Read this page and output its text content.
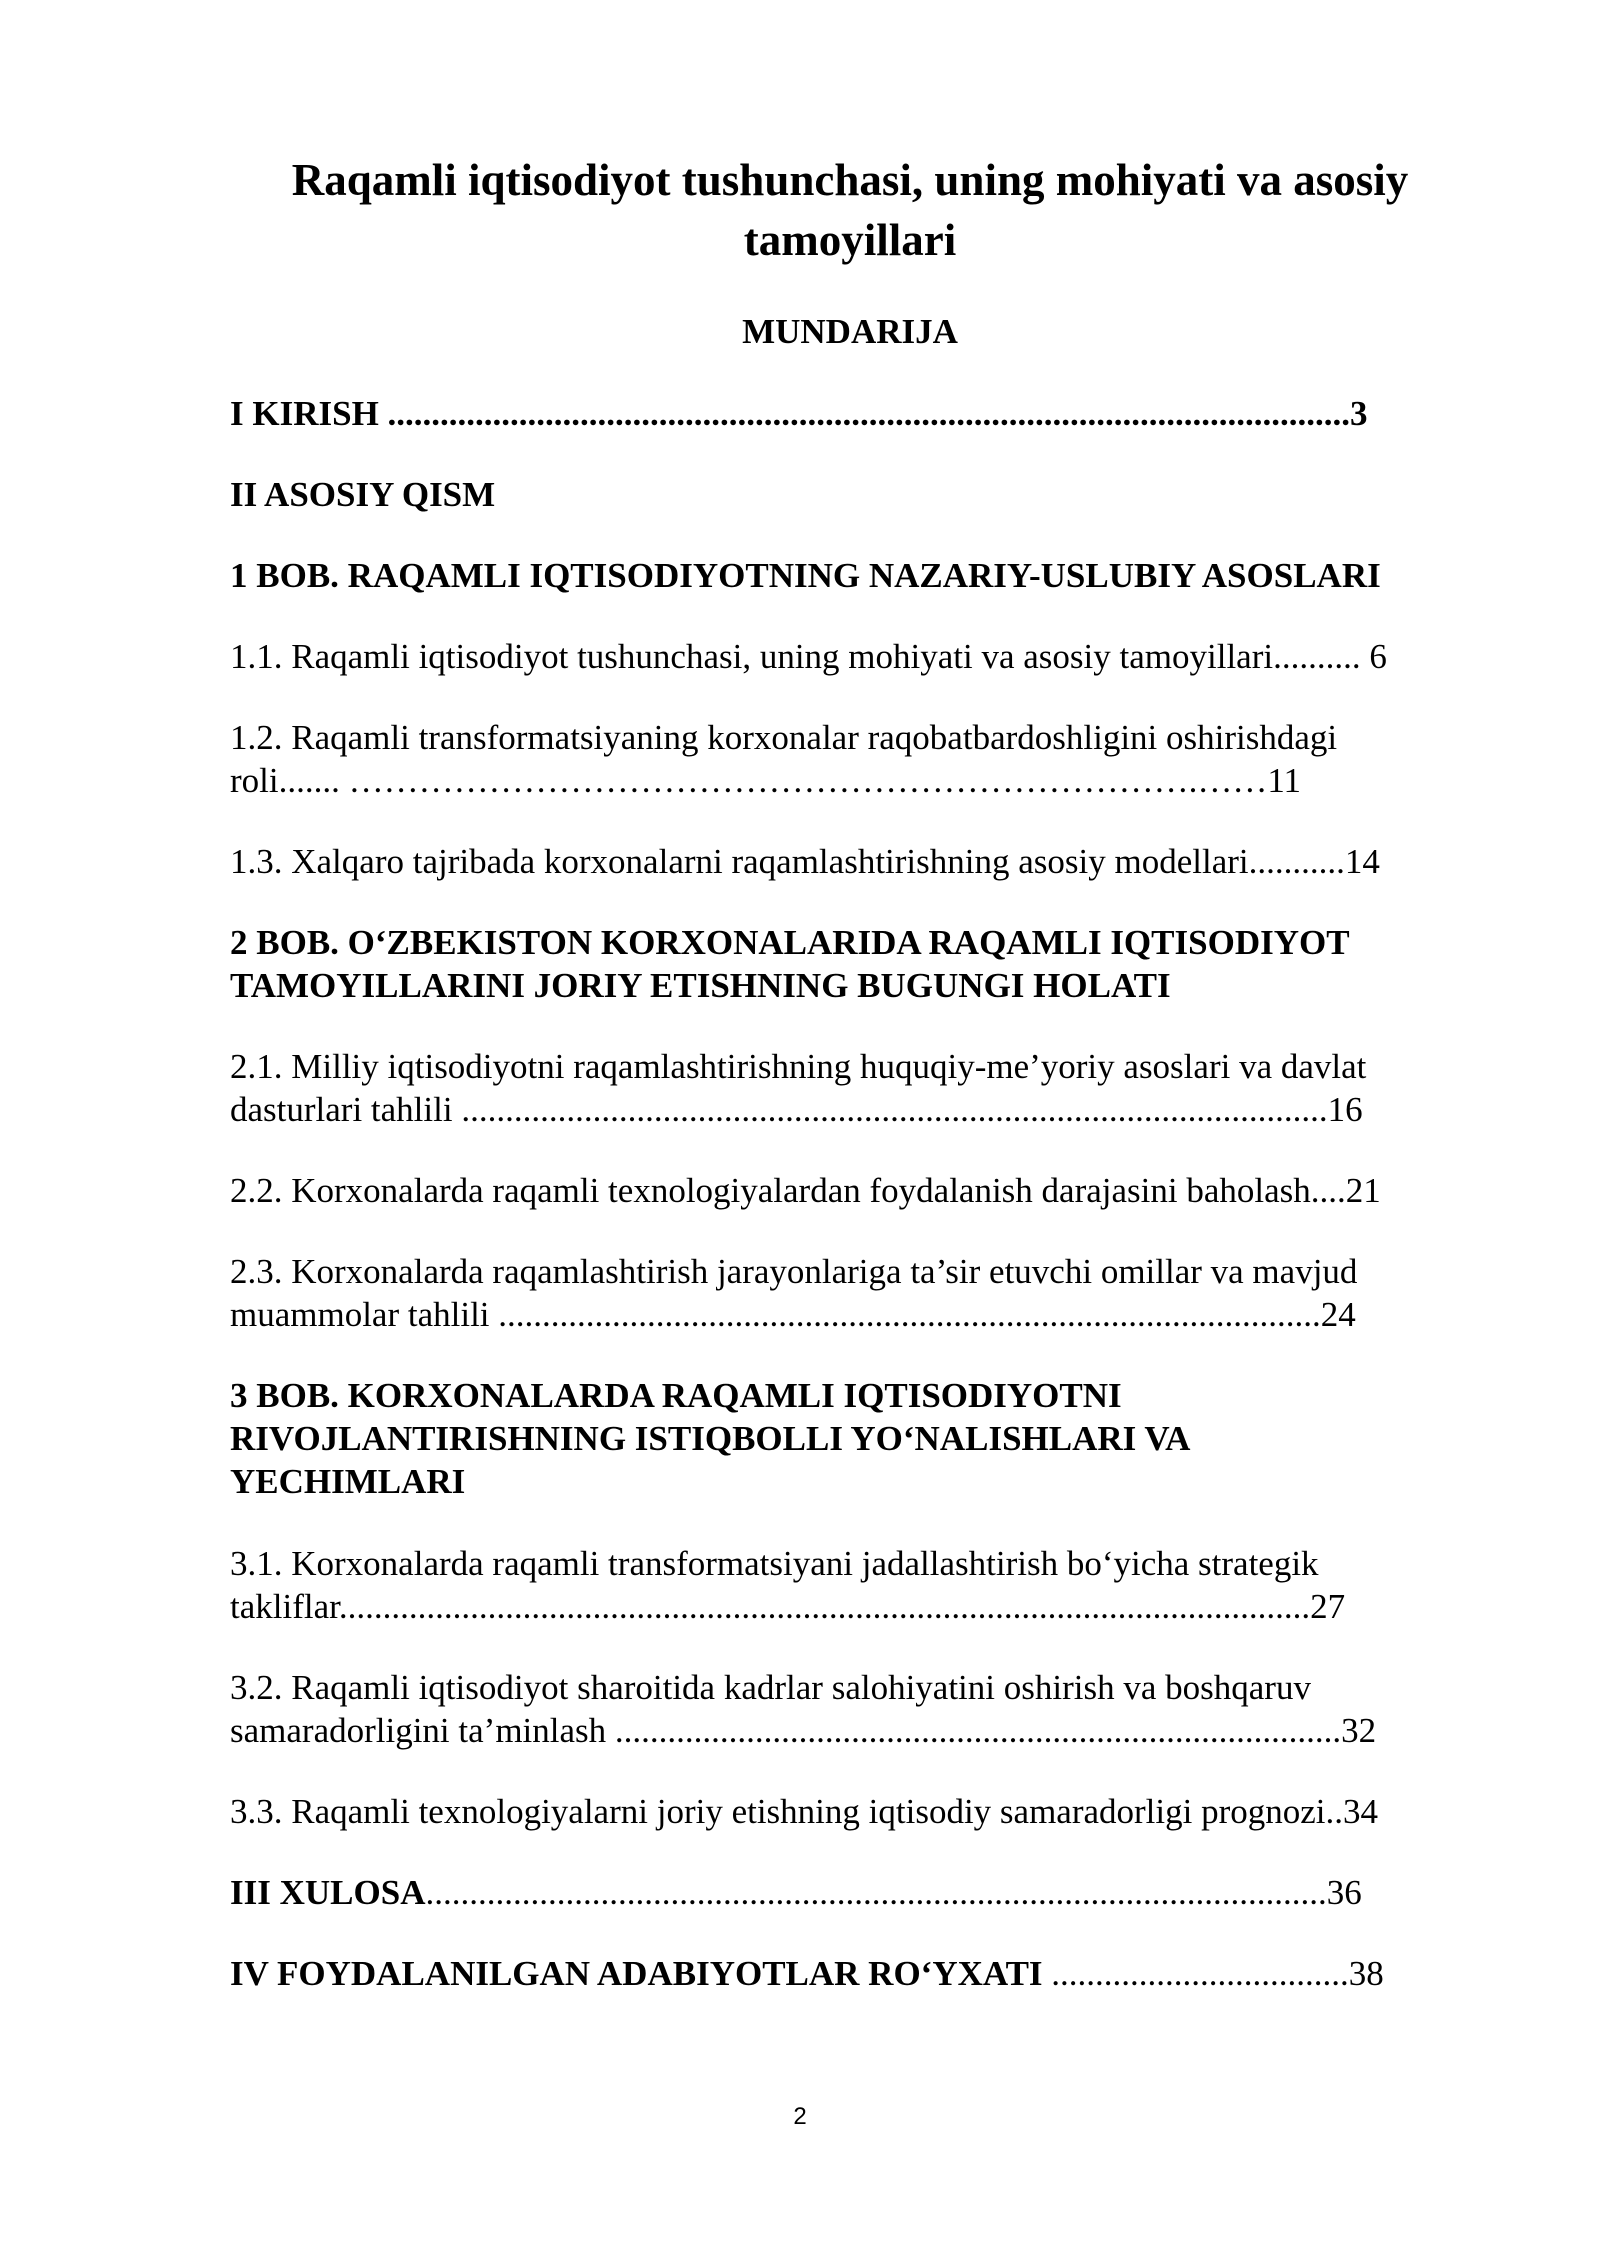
Raqamli iqtisodiyot tushunchasi, uning mohiyati va asosiy
tamoyillari
MUNDARIJA

I KIRISH ..............................................................................................................3

II ASOSIY QISM

1 BOB. RAQAMLI IQTISODIYOTNING NAZARIY-USLUBIY ASOSLARI

1.1. Raqamli iqtisodiyot tushunchasi, uning mohiyati va asosiy tamoyillari.......... 6

1.2. Raqamli transformatsiyaning korxonalar raqobatbardoshligini oshirishdagi
roli....... ……………………………………………………………….……11

1.3. Xalqaro tajribada korxonalarni raqamlashtirishning asosiy modellari...........14

2 BOB. O‘ZBEKISTON KORXONALARIDA RAQAMLI IQTISODIYOT
TAMOYILLARINI JORIY ETISHNING BUGUNGI HOLATI

2.1. Milliy iqtisodiyotni raqamlashtirishning huquqiy-me’yoriy asoslari va davlat
dasturlari tahlili ...................................................................................................16

2.2. Korxonalarda raqamli texnologiyalardan foydalanish darajasini baholash....21

2.3. Korxonalarda raqamlashtirish jarayonlariga ta’sir etuvchi omillar va mavjud
muammolar tahlili ..............................................................................................24

3 BOB. KORXONALARDA RAQAMLI IQTISODIYOTNI
RIVOJLANTIRISHNING ISTIQBOLLI YO‘NALISHLARI VA
YECHIMLARI

3.1. Korxonalarda raqamli transformatsiyani jadallashtirish bo‘yicha strategik
takliflar...............................................................................................................27

3.2. Raqamli iqtisodiyot sharoitida kadrlar salohiyatini oshirish va boshqaruv
samaradorligini ta’minlash ...................................................................................32

3.3. Raqamli texnologiyalarni joriy etishning iqtisodiy samaradorligi prognozi..34

III XULOSA.......................................................................................................36

IV FOYDALANILGAN ADABIYOTLAR RO‘YXATI ..................................38

2
